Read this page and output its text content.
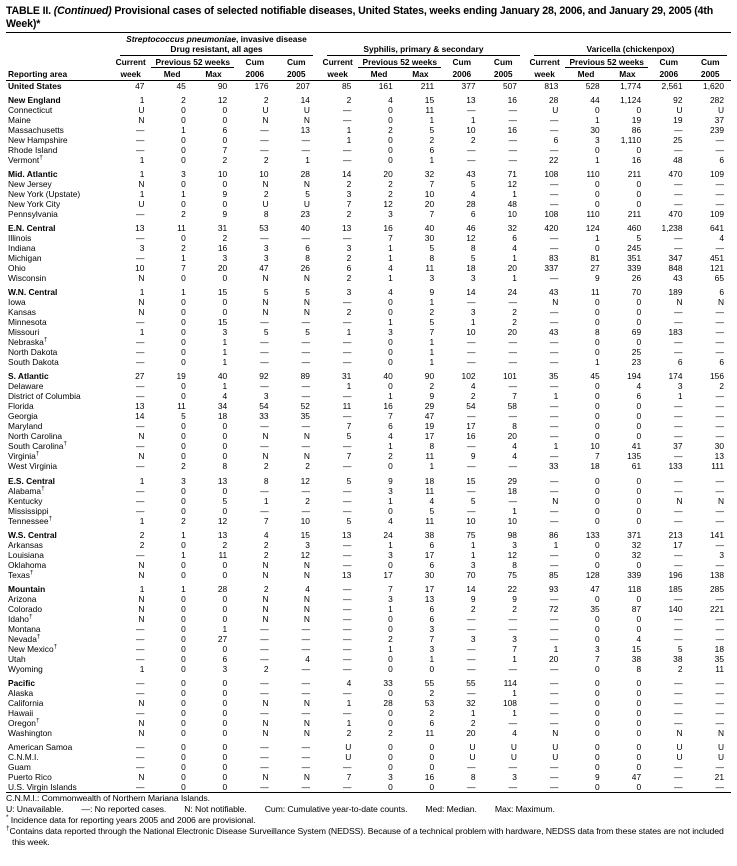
TABLE II. (Continued) Provisional cases of selected notifiable diseases, United States, weeks ending January 28, 2006, and January 29, 2005 (4th Week)*

	Streptococcus pneumoniae, invasive disease
Drug resistant, all ages					Syphilis, primary & secondary					Varicella (chickenpox)				

	Current	Previous 52 weeks		Cum	Cum	Current	Previous 52 weeks		Cum	Cum	Current	Previous 52 weeks		Cum	Cum
Reporting area	week	Med	Max	2006	2005	week	Med	Max	2006	2005	week	Med	Max	2006	2005
United States	47	45	90	176	207	85	161	211	377	507	813	528	1,774	2,561	1,620
New England	1	2	12	2	14	2	4	15	13	16	28	44	1,124	92	282
Connecticut	U	0	0	U	U	—	0	11	—	—	U	0	0	U	U
Maine	N	0	0	N	N	—	0	1	1	—	—	1	19	19	37
Massachusetts	—	1	6	—	13	1	2	5	10	16	—	30	86	—	239
New Hampshire	—	0	0	—	—	1	0	2	2	—	6	3	1,110	25	—
Rhode Island	—	0	7	—	—	—	0	6	—	—	—	0	0	—	—
Vermont†	1	0	2	2	1	—	0	1	—	—	22	1	16	48	6
Mid. Atlantic	1	3	10	10	28	14	20	32	43	71	108	110	211	470	109
New Jersey	N	0	0	N	N	2	2	7	5	12	—	0	0	—	—
New York (Upstate)	1	1	9	2	5	3	2	10	4	1	—	0	0	—	—
New York City	U	0	0	U	U	7	12	20	28	48	—	0	0	—	—
Pennsylvania	—	2	9	8	23	2	3	7	6	10	108	110	211	470	109
E.N. Central	13	11	31	53	40	13	16	40	46	32	420	124	460	1,238	641
Illinois	—	0	2	—	—	—	7	30	12	6	—	1	5	—	4
Indiana	3	2	16	3	6	3	1	5	8	4	—	0	245	—	—
Michigan	—	1	3	3	8	2	1	8	5	1	83	81	351	347	451
Ohio	10	7	20	47	26	6	4	11	18	20	337	27	339	848	121
Wisconsin	N	0	0	N	N	2	1	3	3	1	—	9	26	43	65
W.N. Central	1	1	15	5	5	3	4	9	14	24	43	11	70	189	6
Iowa	N	0	0	N	N	—	0	1	—	—	N	0	0	N	N
Kansas	N	0	0	N	N	2	0	2	3	2	—	0	0	—	—
Minnesota	—	0	15	—	—	—	1	5	1	2	—	0	0	—	—
Missouri	1	0	3	5	5	1	3	7	10	20	43	8	69	183	—
Nebraska†	—	0	1	—	—	—	0	1	—	—	—	0	0	—	—
North Dakota	—	0	1	—	—	—	0	1	—	—	—	0	25	—	—
South Dakota	—	0	1	—	—	—	0	1	—	—	—	1	23	6	6
S. Atlantic	27	19	40	92	89	31	40	90	102	101	35	45	194	174	156
Delaware	—	0	1	—	—	1	0	2	4	—	—	0	4	3	2
District of Columbia	—	0	4	3	—	—	1	9	2	7	1	0	6	1	—
Florida	13	11	34	54	52	11	16	29	54	58	—	0	0	—	—
Georgia	14	5	18	33	35	—	7	47	—	—	—	0	0	—	—
Maryland	—	0	0	—	—	7	6	19	17	8	—	0	0	—	—
North Carolina	N	0	0	N	N	5	4	17	16	20	—	0	0	—	—
South Carolina†	—	0	0	—	—	—	1	8	—	4	1	10	41	37	30
Virginia†	N	0	0	N	N	7	2	11	9	4	—	7	135	—	13
West Virginia	—	2	8	2	2	—	0	1	—	—	33	18	61	133	111
E.S. Central	1	3	13	8	12	5	9	18	15	29	—	0	0	—	—
Alabama†	—	0	0	—	—	—	3	11	—	18	—	0	0	—	—
Kentucky	—	0	5	1	2	—	1	4	5	—	N	0	0	N	N
Mississippi	—	0	0	—	—	—	0	5	—	1	—	0	0	—	—
Tennessee†	1	2	12	7	10	5	4	11	10	10	—	0	0	—	—
W.S. Central	2	1	13	4	15	13	24	38	75	98	86	133	371	213	141
Arkansas	2	0	2	2	3	—	1	6	1	3	1	0	32	17	—
Louisiana	—	1	11	2	12	—	3	17	1	12	—	0	32	—	3
Oklahoma	N	0	0	N	N	—	0	6	3	8	—	0	0	—	—
Texas†	N	0	0	N	N	13	17	30	70	75	85	128	339	196	138
Mountain	1	1	28	2	4	—	7	17	14	22	93	47	118	185	285
Arizona	N	0	0	N	N	—	3	13	9	9	—	0	0	—	—
Colorado	N	0	0	N	N	—	1	6	2	2	72	35	87	140	221
Idaho†	N	0	0	N	N	—	0	6	—	—	—	0	0	—	—
Montana	—	0	1	—	—	—	0	3	—	—	—	0	0	—	—
Nevada†	—	0	27	—	—	—	2	7	3	3	—	0	4	—	—
New Mexico†	—	0	0	—	—	—	1	3	—	7	1	3	15	5	18
Utah	—	0	6	—	4	—	0	1	—	1	20	7	38	38	35
Wyoming	1	0	3	2	—	—	0	0	—	—	—	0	8	2	11
Pacific	—	0	0	—	—	4	33	55	55	114	—	0	0	—	—
Alaska	—	0	0	—	—	—	0	2	—	1	—	0	0	—	—
California	N	0	0	N	N	1	28	53	32	108	—	0	0	—	—
Hawaii	—	0	0	—	—	—	0	2	1	1	—	0	0	—	—
Oregon†	N	0	0	N	N	1	0	6	2	—	—	0	0	—	—
Washington	N	0	0	N	N	2	2	11	20	4	N	0	0	N	N
American Samoa	—	0	0	—	—	U	0	0	U	U	U	0	0	U	U
C.N.M.I.	—	0	0	—	—	U	0	0	U	U	U	0	0	U	U
Guam	—	0	0	—	—	—	0	0	—	—	—	0	0	—	—
Puerto Rico	N	0	0	N	N	7	3	16	8	3	—	9	47	—	21
U.S. Virgin Islands	—	0	0	—	—	—	0	0	—	—	—	0	0	—	—
C.N.M.I.: Commonwealth of Northern Mariana Islands.
U: Unavailable. —: No reported cases. N: Not notifiable. Cum: Cumulative year-to-date counts. Med: Median. Max: Maximum.
* Incidence data for reporting years 2005 and 2006 are provisional.
†Contains data reported through the National Electronic Disease Surveillance System (NEDSS). Because of a technical problem with hardware, NEDSS data from these states are not included this week.
